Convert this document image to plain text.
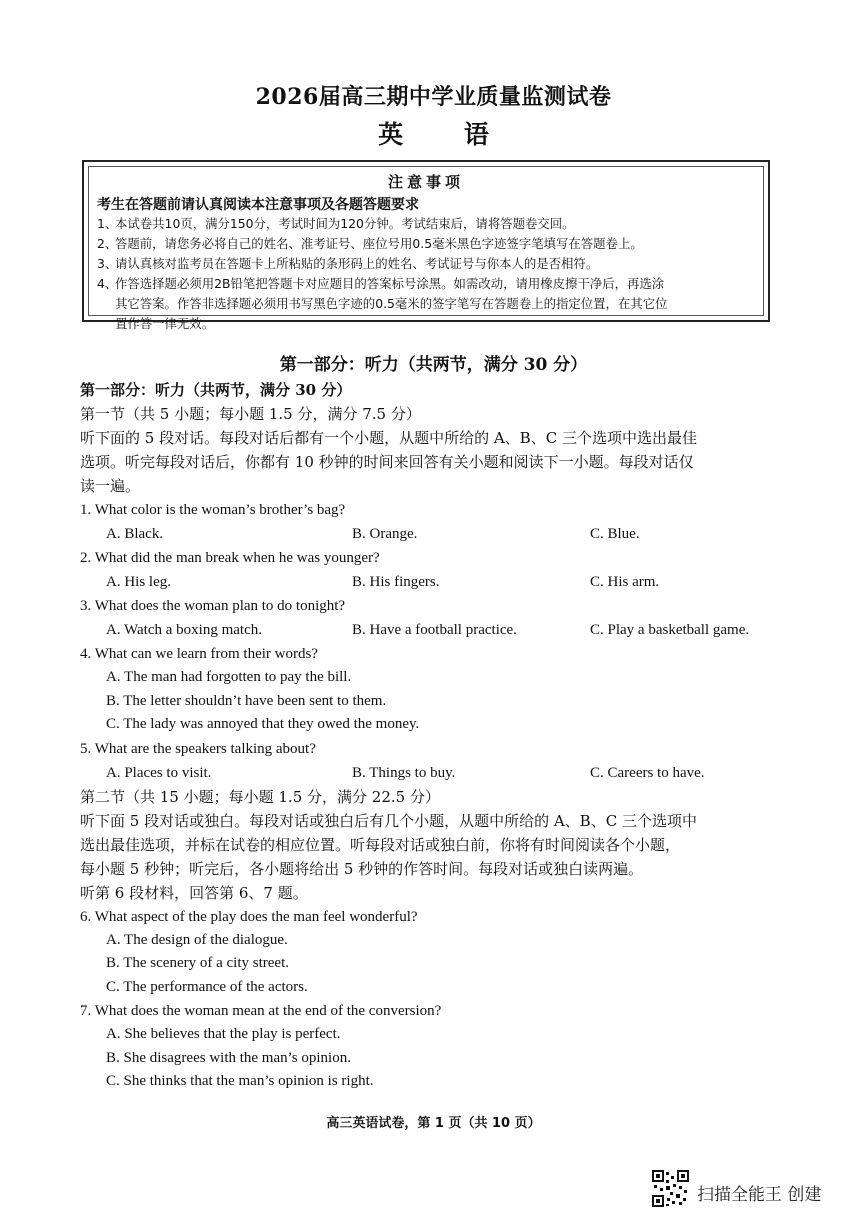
2026届高三期中学业质量监测试卷
英 语
注意事项
考生在答题前请认真阅读本注意事项及各题答题要求
1、本试卷共10页，满分150分，考试时间为120分钟。考试结束后，请将答题卷交回。
2、答题前，请您务必将自己的姓名、准考证号、座位号用0.5毫米黑色字迹签字笔填写在答题卷上。
3、请认真核对监考员在答题卡上所粘贴的条形码上的姓名、考试证号与你本人的是否相符。
4、作答选择题必须用2B铅笔把答题卡对应题目的答案标号涂黑。如需改动，请用橡皮擦干净后，再选涂
其它答案。作答非选择题必须用书写黑色字迹的0.5毫米的签字笔写在答题卷上的指定位置，在其它位
置作答一律无效。
第一部分：听力（共两节，满分 30 分）
第一部分：听力（共两节，满分 30 分）
第一节（共 5 小题；每小题 1.5 分，满分 7.5 分）
听下面的 5 段对话。每段对话后都有一个小题，从题中所给的 A、B、C 三个选项中选出最佳
选项。听完每段对话后，你都有 10 秒钟的时间来回答有关小题和阅读下一小题。每段对话仅
读一遍。
1. What color is the woman’s brother’s bag?
A. Black.	B. Orange.	C. Blue.
2. What did the man break when he was younger?
A. His leg.	B. His fingers.	C. His arm.
3. What does the woman plan to do tonight?
A. Watch a boxing match.	B. Have a football practice.	C. Play a basketball game.
4. What can we learn from their words?
A. The man had forgotten to pay the bill.
B. The letter shouldn’t have been sent to them.
C. The lady was annoyed that they owed the money.
5. What are the speakers talking about?
A. Places to visit.	B. Things to buy.	C. Careers to have.
第二节（共 15 小题；每小题 1.5 分，满分 22.5 分）
听下面 5 段对话或独白。每段对话或独白后有几个小题，从题中所给的 A、B、C 三个选项中
选出最佳选项，并标在试卷的相应位置。听每段对话或独白前，你将有时间阅读各个小题，
每小题 5 秒钟；听完后，各小题将给出 5 秒钟的作答时间。每段对话或独白读两遍。
听第 6 段材料，回答第 6、7 题。
6. What aspect of the play does the man feel wonderful?
A. The design of the dialogue.
B. The scenery of a city street.
C. The performance of the actors.
7. What does the woman mean at the end of the conversion?
A. She believes that the play is perfect.
B. She disagrees with the man’s opinion.
C. She thinks that the man’s opinion is right.
高三英语试卷，第 1 页（共 10 页）
扫描全能王 创建
